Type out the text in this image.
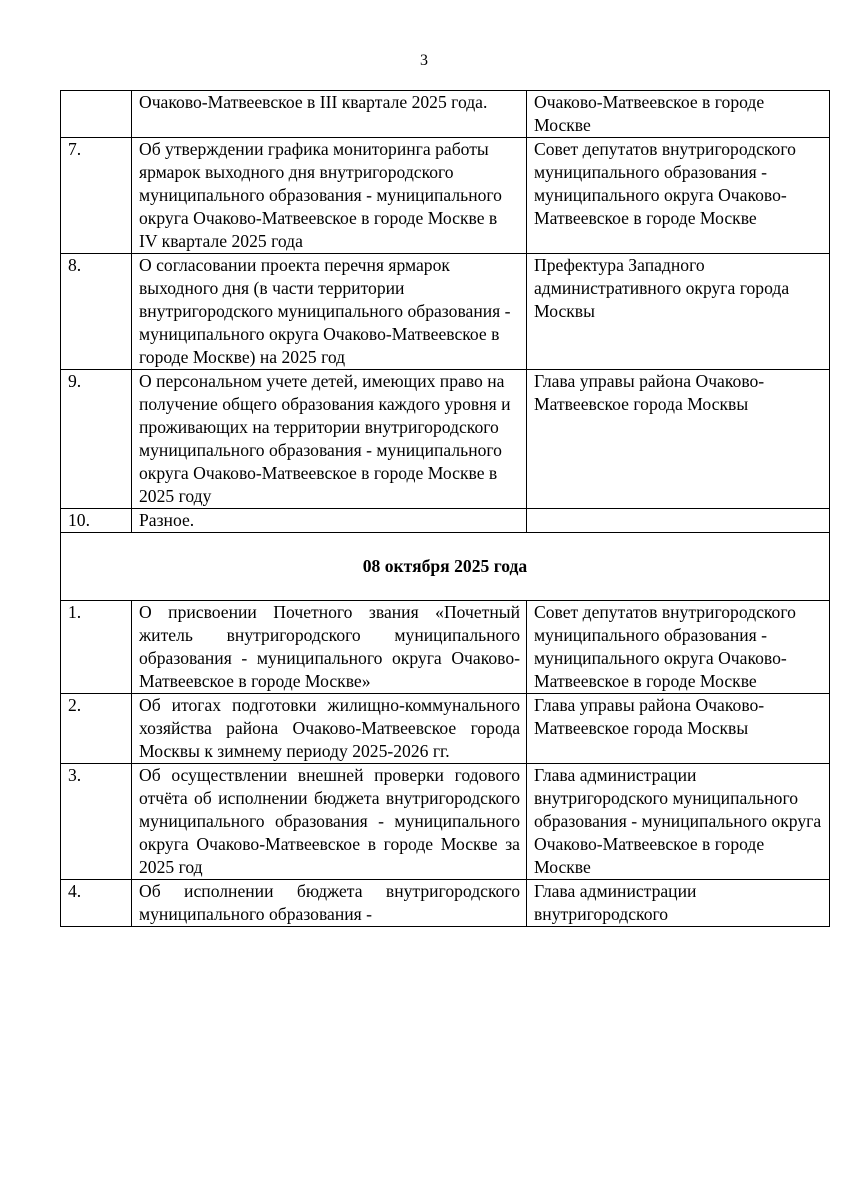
3
	Очаково-Матвеевское в III квартале 2025 года.	Очаково-Матвеевское в городе Москве
7.	Об утверждении графика мониторинга работы ярмарок выходного дня внутригородского муниципального образования - муниципального округа Очаково-Матвеевское в городе Москве в IV квартале 2025 года	Совет депутатов внутригородского муниципального образования - муниципального округа Очаково-Матвеевское в городе Москве
8.	О согласовании проекта перечня ярмарок выходного дня (в части территории внутригородского муниципального образования - муниципального округа Очаково-Матвеевское в городе Москве) на 2025 год	Префектура Западного административного округа города Москвы
9.	О персональном учете детей, имеющих право на получение общего образования каждого уровня и проживающих на территории внутригородского муниципального образования - муниципального округа Очаково-Матвеевское в городе Москве в 2025 году	Глава управы района Очаково-Матвеевское города Москвы
10.	Разное.	
08 октября 2025 года		
1.	О присвоении Почетного звания «Почетный житель внутригородского муниципального образования - муниципального округа Очаково-Матвеевское в городе Москве»	Совет депутатов внутригородского муниципального образования - муниципального округа Очаково-Матвеевское в городе Москве
2.	Об итогах подготовки жилищно-коммунального хозяйства района Очаково-Матвеевское города Москвы к зимнему периоду 2025-2026 гг.	Глава управы района Очаково-Матвеевское города Москвы
3.	Об осуществлении внешней проверки годового отчёта об исполнении бюджета внутригородского муниципального образования - муниципального округа Очаково-Матвеевское в городе Москве за 2025 год	Глава администрации внутригородского муниципального образования - муниципального округа Очаково-Матвеевское в городе Москве
4.	Об исполнении бюджета внутригородского муниципального образования -	Глава администрации внутригородского
